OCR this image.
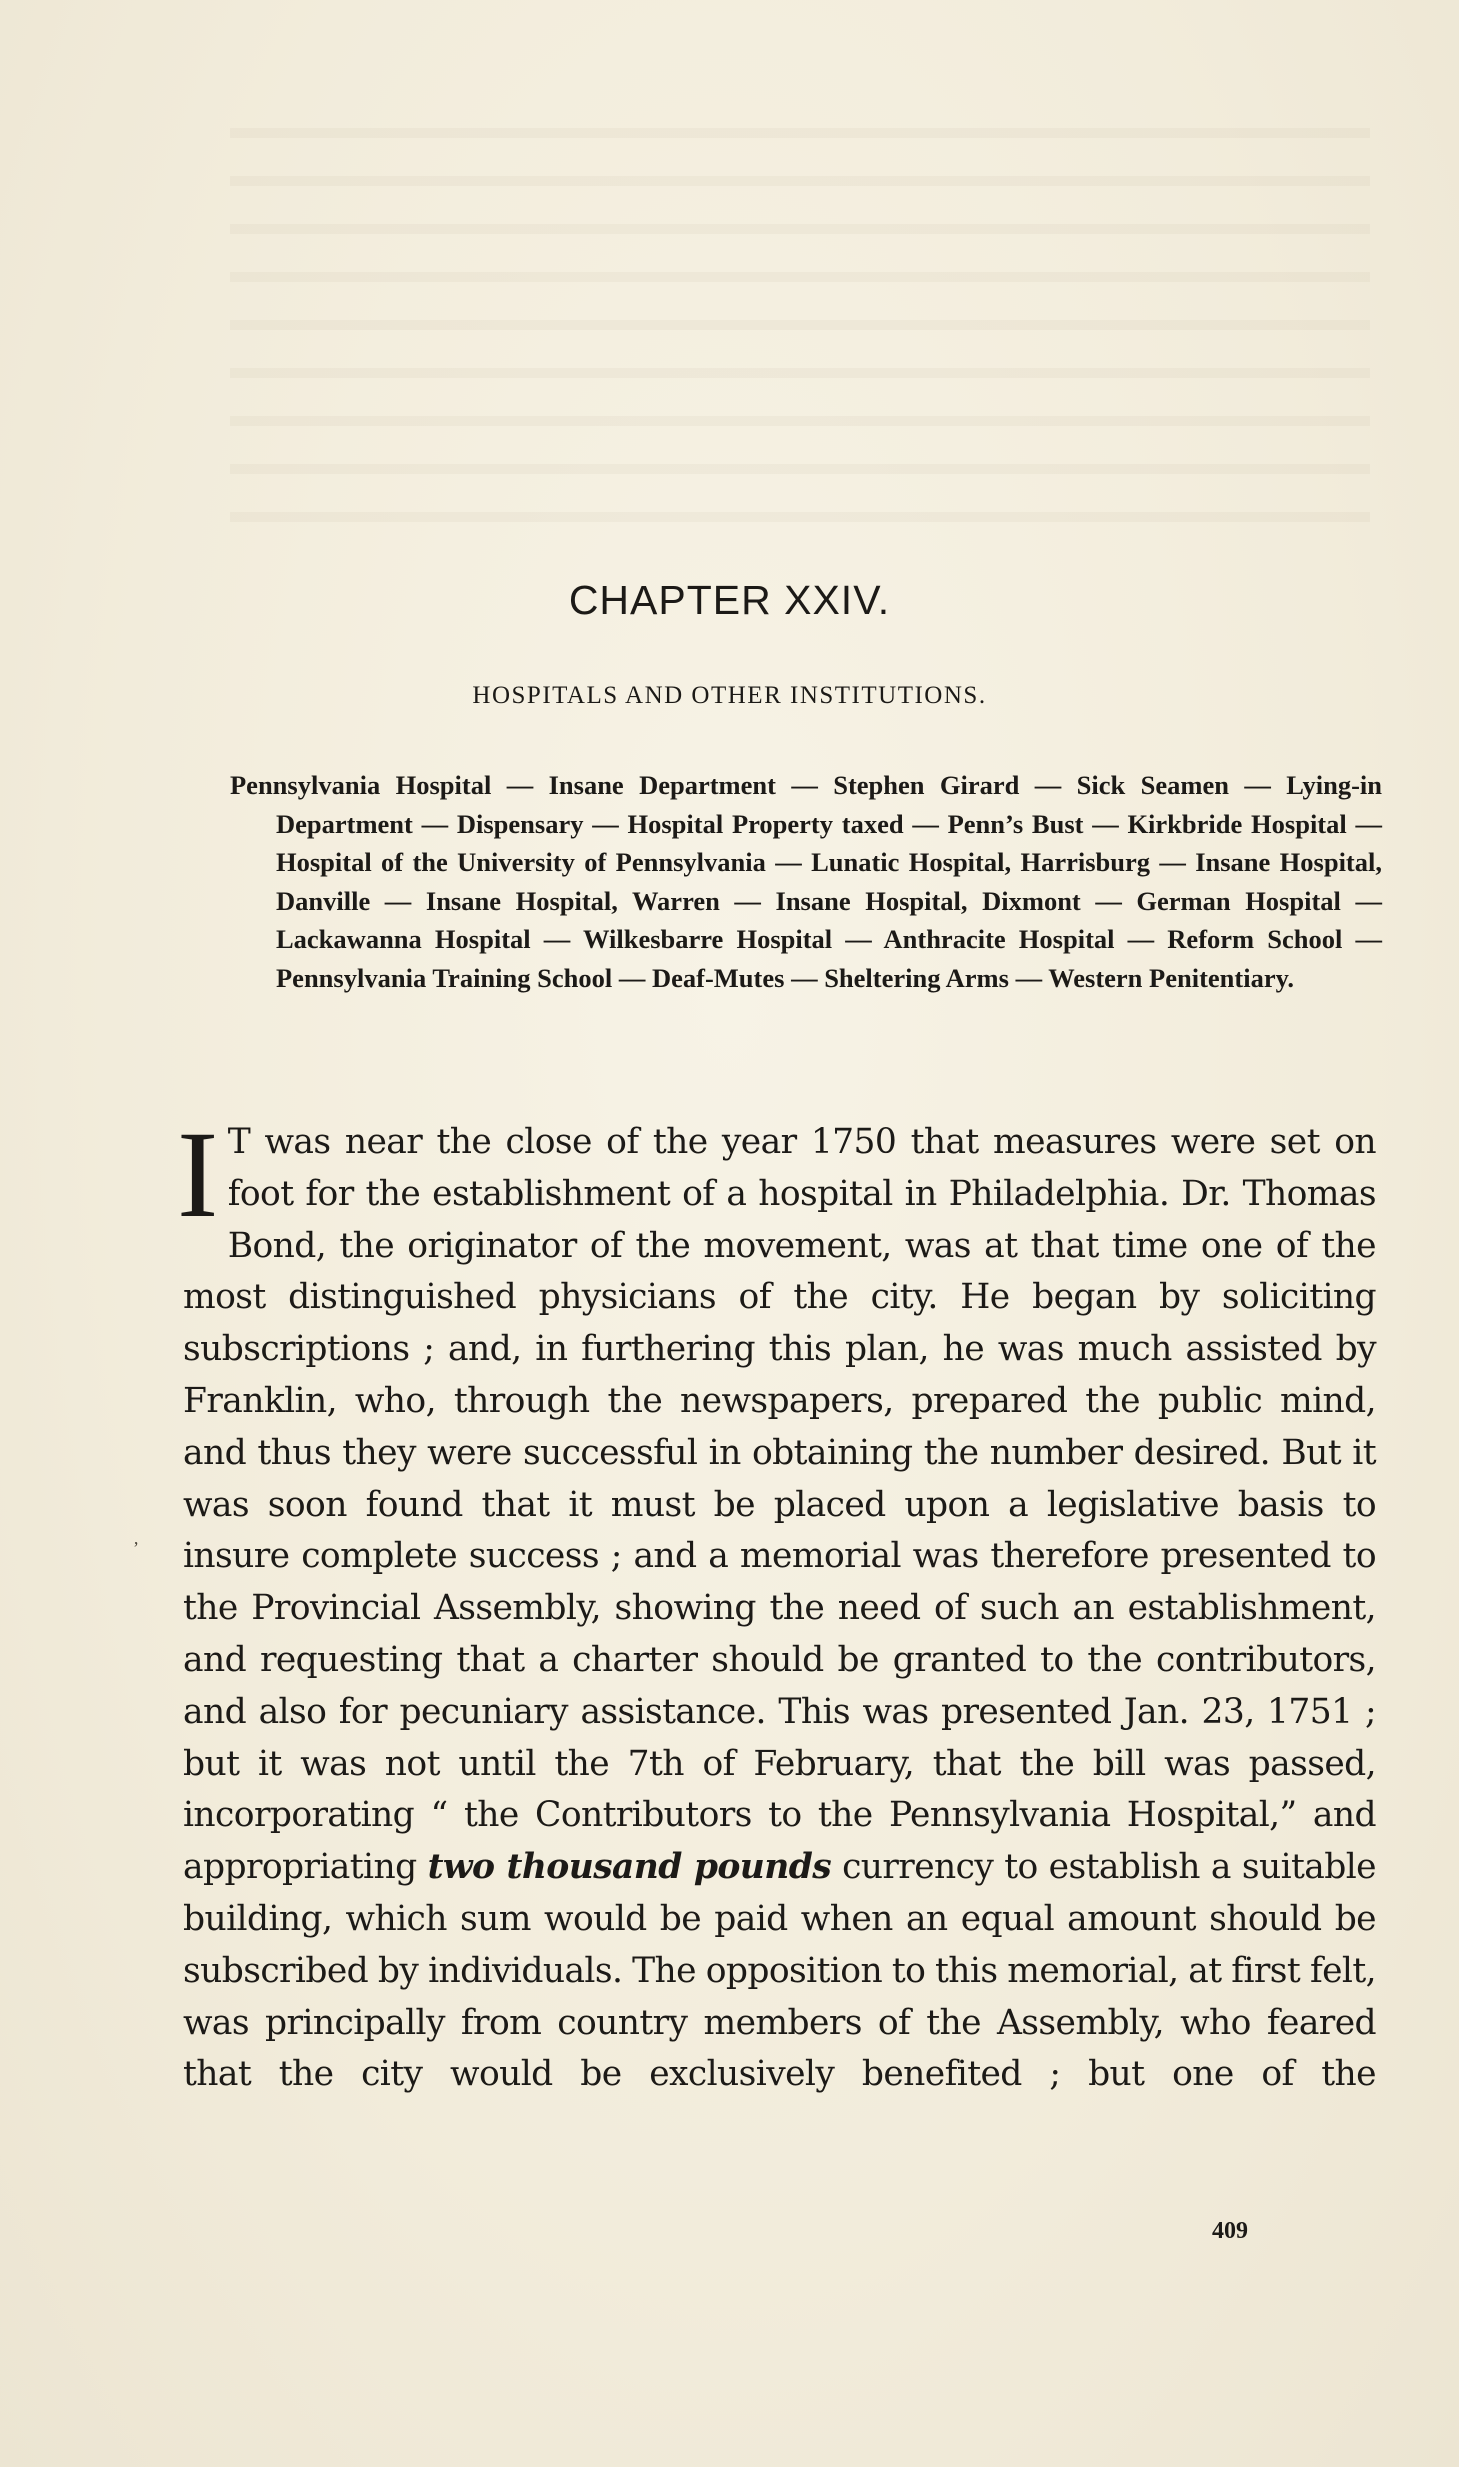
CHAPTER XXIV.
HOSPITALS AND OTHER INSTITUTIONS.

Pennsylvania Hospital — Insane Department — Stephen Girard — Sick Seamen — Lying-in Department — Dispensary — Hospital Property taxed — Penn’s Bust — Kirkbride Hospital — Hospital of the University of Pennsylvania — Lunatic Hospital, Harrisburg — Insane Hospital, Danville — Insane Hospital, Warren — Insane Hospital, Dixmont — German Hospital — Lackawanna Hospital — Wilkesbarre Hospital — Anthracite Hospital — Reform School — Pennsylvania Training School — Deaf-Mutes — Sheltering Arms — Western Penitentiary.

I T was near the close of the year 1750 that measures were set on foot for the establishment of a hospital in Philadelphia. Dr. Thomas Bond, the originator of the movement, was at that time one of the most distinguished physicians of the city. He began by soliciting subscriptions ; and, in furthering this plan, he was much assisted by Franklin, who, through the newspapers, prepared the public mind, and thus they were successful in obtaining the number desired. But it was soon found that it must be placed upon a legislative basis to insure complete success ; and a memorial was therefore presented to the Provincial Assembly, showing the need of such an establishment, and requesting that a charter should be granted to the contributors, and also for pecuniary assistance. This was presented Jan. 23, 1751 ; but it was not until the 7th of February, that the bill was passed, incorporating “ the Contributors to the Pennsylvania Hospital,” and appropriating two thousand pounds currency to establish a suitable building, which sum would be paid when an equal amount should be subscribed by individuals. The opposition to this memorial, at first felt, was principally from country members of the Assembly, who feared that the city would be exclusively benefited ; but one of the

ʼ

409
